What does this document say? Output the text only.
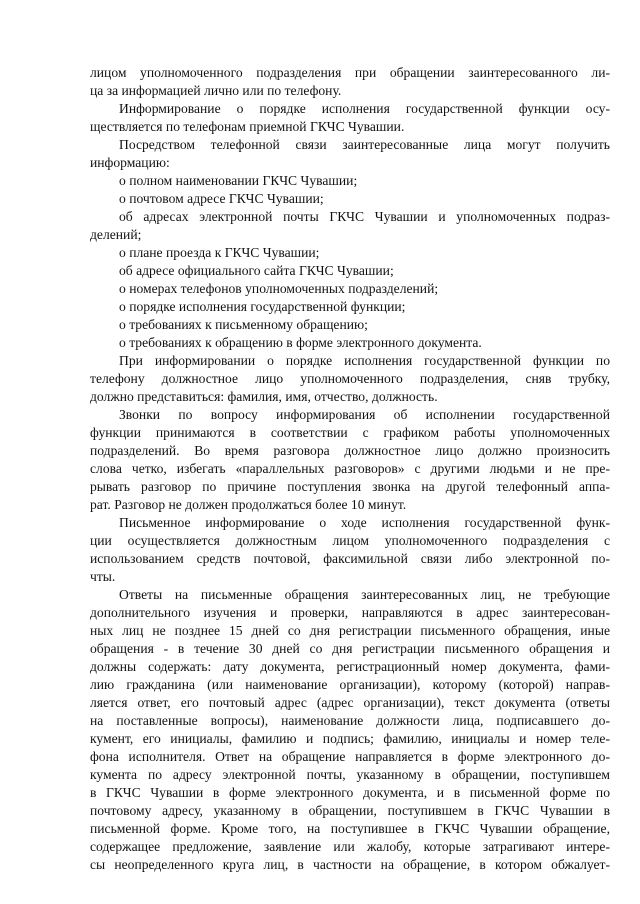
лицом уполномоченного подразделения при обращении заинтересованного ли-
ца за информацией лично или по телефону.
Информирование о порядке исполнения государственной функции осу-
ществляется по телефонам приемной ГКЧС Чувашии.
Посредством телефонной связи заинтересованные лица могут получить
информацию:
о полном наименовании ГКЧС Чувашии;
о почтовом адресе ГКЧС Чувашии;
об адресах электронной почты ГКЧС Чувашии и уполномоченных подраз-
делений;
о плане проезда к ГКЧС Чувашии;
об адресе официального сайта ГКЧС Чувашии;
о номерах телефонов уполномоченных подразделений;
о порядке исполнения государственной функции;
о требованиях к письменному обращению;
о требованиях к обращению в форме электронного документа.
При информировании о порядке исполнения государственной функции по
телефону должностное лицо уполномоченного подразделения, сняв трубку,
должно представиться: фамилия, имя, отчество, должность.
Звонки по вопросу информирования об исполнении государственной
функции принимаются в соответствии с графиком работы уполномоченных
подразделений. Во время разговора должностное лицо должно произносить
слова четко, избегать «параллельных разговоров» с другими людьми и не пре-
рывать разговор по причине поступления звонка на другой телефонный аппа-
рат. Разговор не должен продолжаться более 10 минут.
Письменное информирование о ходе исполнения государственной функ-
ции осуществляется должностным лицом уполномоченного подразделения с
использованием средств почтовой, факсимильной связи либо электронной по-
чты.
Ответы на письменные обращения заинтересованных лиц, не требующие
дополнительного изучения и проверки, направляются в адрес заинтересован-
ных лиц не позднее 15 дней со дня регистрации письменного обращения, иные
обращения - в течение 30 дней со дня регистрации письменного обращения и
должны содержать: дату документа, регистрационный номер документа, фами-
лию гражданина (или наименование организации), которому (которой) направ-
ляется ответ, его почтовый адрес (адрес организации), текст документа (ответы
на поставленные вопросы), наименование должности лица, подписавшего до-
кумент, его инициалы, фамилию и подпись; фамилию, инициалы и номер теле-
фона исполнителя. Ответ на обращение направляется в форме электронного до-
кумента по адресу электронной почты, указанному в обращении, поступившем
в ГКЧС Чувашии в форме электронного документа, и в письменной форме по
почтовому адресу, указанному в обращении, поступившем в ГКЧС Чувашии в
письменной форме. Кроме того, на поступившее в ГКЧС Чувашии обращение,
содержащее предложение, заявление или жалобу, которые затрагивают интере-
сы неопределенного круга лиц, в частности на обращение, в котором обжалует-
